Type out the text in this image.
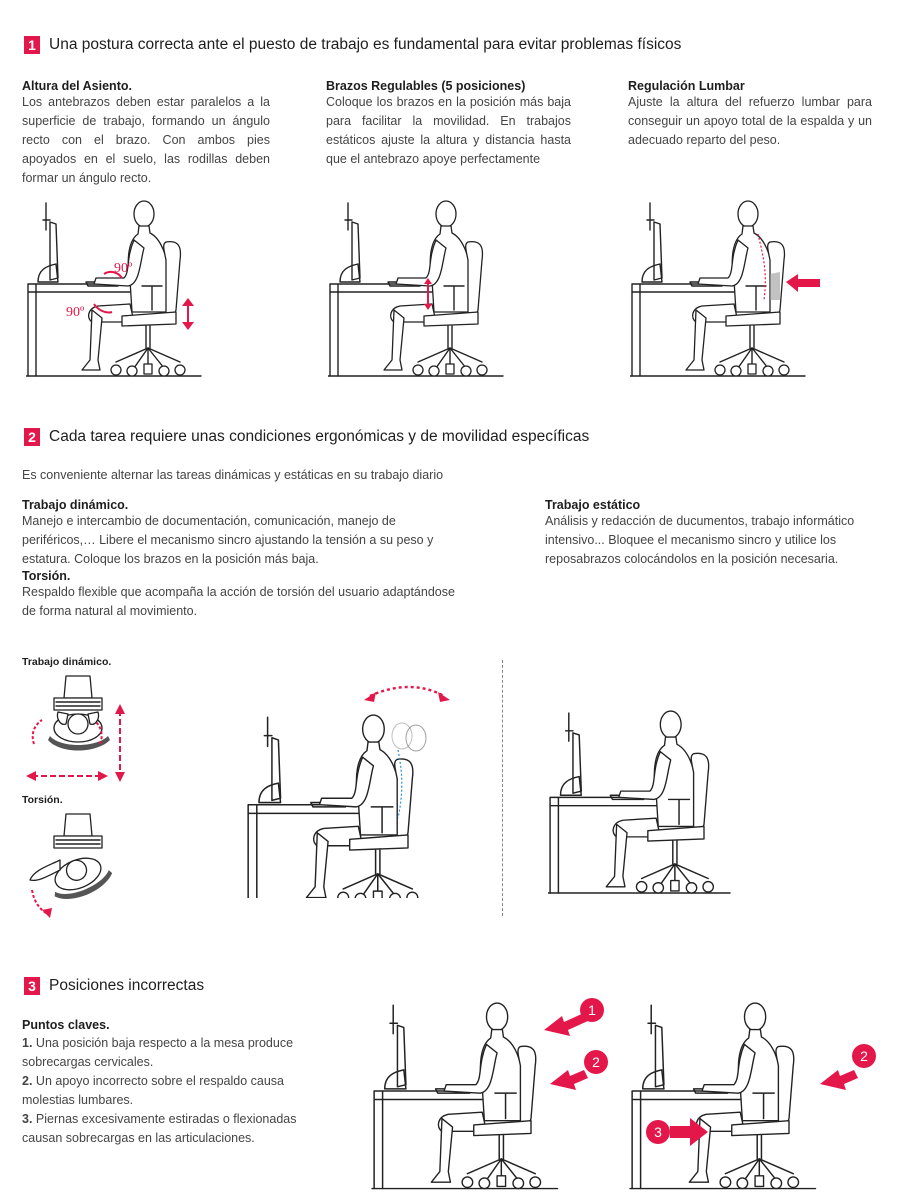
1 Una postura correcta ante el puesto de trabajo es fundamental para evitar problemas físicos
Altura del Asiento.
Los antebrazos deben estar paralelos a la superficie de trabajo, formando un ángulo recto con el brazo. Con ambos pies apoyados en el suelo, las rodillas deben formar un ángulo recto.
Brazos Regulables (5 posiciones)
Coloque los brazos en la posición más baja para facilitar la movilidad. En trabajos estáticos ajuste la altura y distancia hasta que el antebrazo apoye perfectamente
Regulación Lumbar
Ajuste la altura del refuerzo lumbar para conseguir un apoyo total de la espalda y un adecuado reparto del peso.
90º
90º
2 Cada tarea requiere unas condiciones ergonómicas y de movilidad específicas
Es conveniente alternar las tareas dinámicas y estáticas en su trabajo diario
Trabajo dinámico.
Manejo e intercambio de documentación, comunicación, manejo de periféricos,… Libere el mecanismo sincro ajustando la tensión a su peso y estatura. Coloque los brazos en la posición más baja.
Torsión.
Respaldo flexible que acompaña la acción de torsión del usuario adaptándose de forma natural al movimiento.
Trabajo estático
Análisis y redacción de ducumentos, trabajo informático intensivo... Bloquee el mecanismo sincro y utilice los reposabrazos colocándolos en la posición necesaria.
Trabajo dinámico.
Torsión.
3 Posiciones incorrectas
Puntos claves.
1. Una posición baja respecto a la mesa produce sobrecargas cervicales.
2. Un apoyo incorrecto sobre el respaldo causa molestias lumbares.
3. Piernas excesivamente estiradas o flexionadas causan sobrecargas en las articulaciones.
1
2	2
3
